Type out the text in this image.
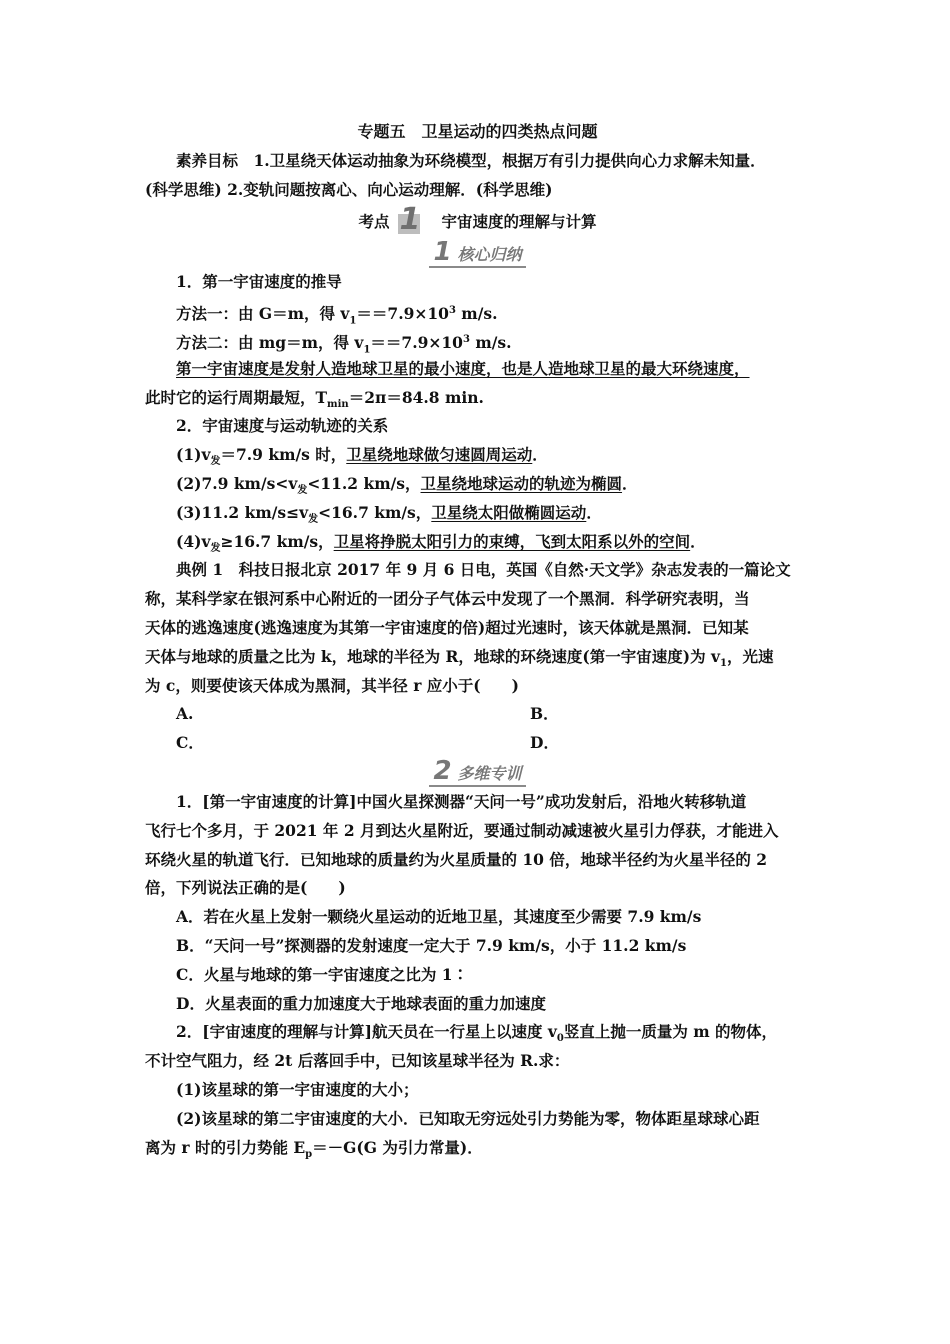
专题五　卫星运动的四类热点问题
素养目标　1.卫星绕天体运动抽象为环绕模型，根据万有引力提供向心力求解未知量．
(科学思维) 2.变轨问题按离心、向心运动理解．(科学思维)
考点 1 宇宙速度的理解与计算
1 核心归纳
1．第一宇宙速度的推导
方法一：由 G＝m，得 $v_1==7.9\times 10^3$ m/s.
方法二：由 mg＝m，得 $v_1==7.9\times 10^3$ m/s.
第一宇宙速度是发射人造地球卫星的最小速度，也是人造地球卫星的最大环绕速度，
此时它的运行周期最短，$T_{min}=2\pi=84.8$ min.
2．宇宙速度与运动轨迹的关系
$(1)v_发=7.9$ km/s 时，卫星绕地球做匀速圆周运动．
(2)7.9 $km/s<v_发<11.2$ km/s，卫星绕地球运动的轨迹为椭圆．
(3)11.2 $km/s\le v_发<16.7$ km/s，卫星绕太阳做椭圆运动．
$(4)v_发\ge 16.7$ km/s，卫星将挣脱太阳引力的束缚，飞到太阳系以外的空间．
典例 1　科技日报北京 2017 年 9 月 6 日电，英国《自然·天文学》杂志发表的一篇论文
称，某科学家在银河系中心附近的一团分子气体云中发现了一个黑洞．科学研究表明，当
天体的逃逸速度(逃逸速度为其第一宇宙速度的倍)超过光速时，该天体就是黑洞．已知某
天体与地球的质量之比为 k，地球的半径为 R，地球的环绕速度(第一宇宙速度)为 $v_1$，光速
为 c，则要使该天体成为黑洞，其半径 r 应小于(　　)
A.	B．
C．	D．
2 多维专训
1．[第一宇宙速度的计算]中国火星探测器“天问一号”成功发射后，沿地火转移轨道
飞行七个多月，于 2021 年 2 月到达火星附近，要通过制动减速被火星引力俘获，才能进入
环绕火星的轨道飞行．已知地球的质量约为火星质量的 10 倍，地球半径约为火星半径的 2
倍，下列说法正确的是(　　)
A．若在火星上发射一颗绕火星运动的近地卫星，其速度至少需要 7.9 km/s
B．“天问一号”探测器的发射速度一定大于 7.9 km/s，小于 11.2 km/s
C．火星与地球的第一宇宙速度之比为 1∶
D．火星表面的重力加速度大于地球表面的重力加速度
2．[宇宙速度的理解与计算]航天员在一行星上以速度 $v_0$竖直上抛一质量为 m 的物体，
不计空气阻力，经 2t 后落回手中，已知该星球半径为 R.求：
(1)该星球的第一宇宙速度的大小；
(2)该星球的第二宇宙速度的大小．已知取无穷远处引力势能为零，物体距星球球心距
离为 r 时的引力势能 $E_p=-G(G$ 为引力常量)．
